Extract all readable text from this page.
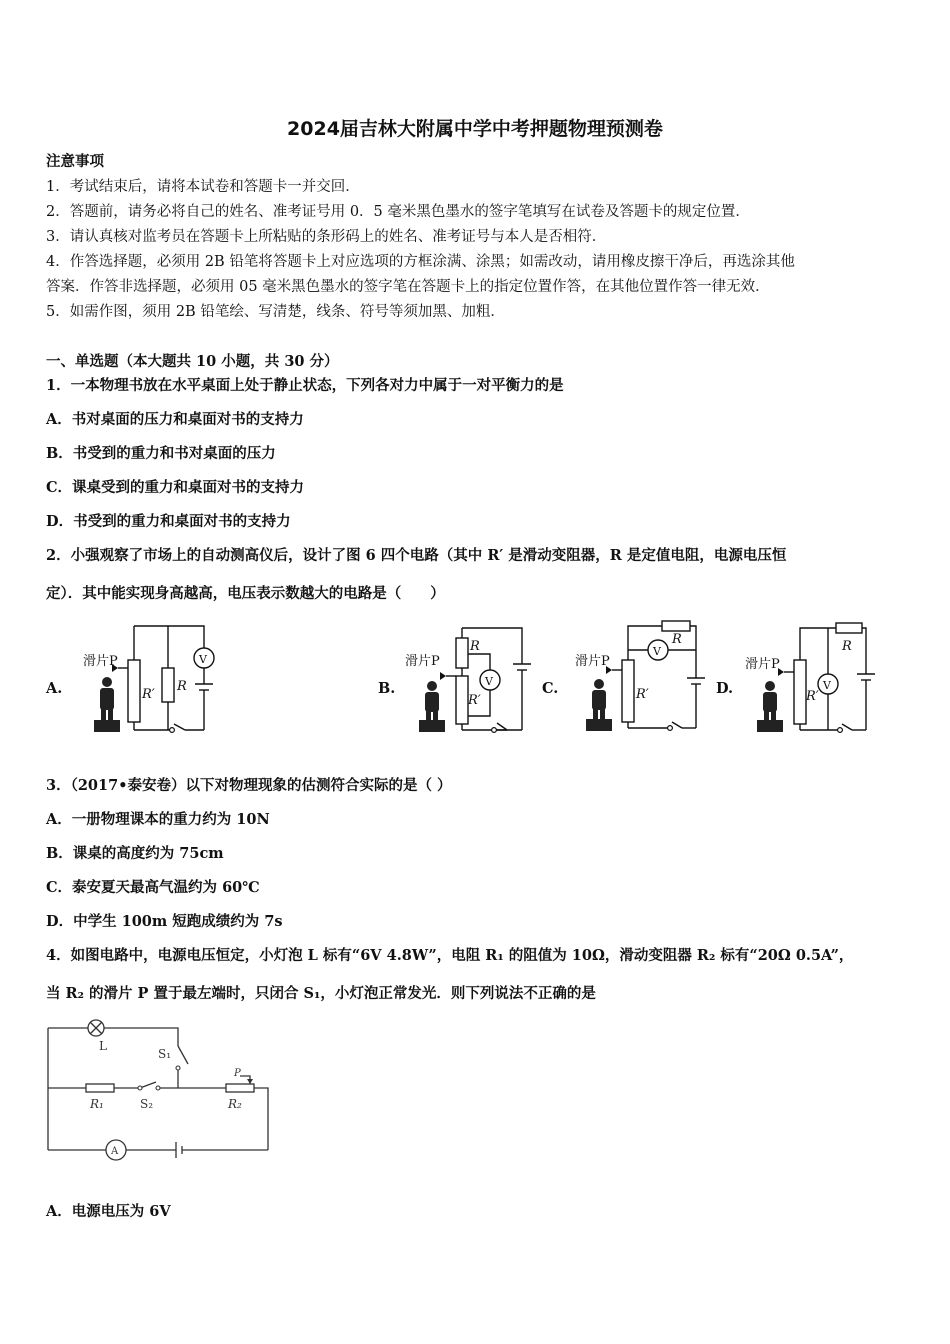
2024届吉林大附属中学中考押题物理预测卷
注意事项
1．考试结束后，请将本试卷和答题卡一并交回．
2．答题前，请务必将自己的姓名、准考证号用 0．5 毫米黑色墨水的签字笔填写在试卷及答题卡的规定位置．
3．请认真核对监考员在答题卡上所粘贴的条形码上的姓名、准考证号与本人是否相符．
4．作答选择题，必须用 2B 铅笔将答题卡上对应选项的方框涂满、涂黑；如需改动，请用橡皮擦干净后，再选涂其他
答案．作答非选择题，必须用 05 毫米黑色墨水的签字笔在答题卡上的指定位置作答，在其他位置作答一律无效．
5．如需作图，须用 2B 铅笔绘、写清楚，线条、符号等须加黑、加粗．
一、单选题（本大题共 10 小题，共 30 分）
1．一本物理书放在水平桌面上处于静止状态，下列各对力中属于一对平衡力的是
A．书对桌面的压力和桌面对书的支持力
B．书受到的重力和书对桌面的压力
C．课桌受到的重力和桌面对书的支持力
D．书受到的重力和桌面对书的支持力
2．小强观察了市场上的自动测高仪后，设计了图 6 四个电路（其中 R′ 是滑动变阻器，R 是定值电阻，电源电压恒
定）．其中能实现身高越高，电压表示数越大的电路是（　　）
A.	B.	C.	D.
滑片P
R′
R
V	滑片P
R
R′
V
滑片P
R
R′
V
滑片P
R
R′
V
3．（2017•泰安卷）以下对物理现象的估测符合实际的是（ ）
A．一册物理课本的重力约为 10N
B．课桌的高度约为 75cm
C．泰安夏天最高气温约为 60℃
D．中学生 100m 短跑成绩约为 7s
4．如图电路中，电源电压恒定，小灯泡 L 标有“6V 4.8W”，电阻 R₁ 的阻值为 10Ω，滑动变阻器 R₂ 标有“20Ω 0.5A”，
当 R₂ 的滑片 P 置于最左端时，只闭合 S₁，小灯泡正常发光．则下列说法不正确的是
L
S₁
R₁	S₂	R₂
P
A
A．电源电压为 6V
